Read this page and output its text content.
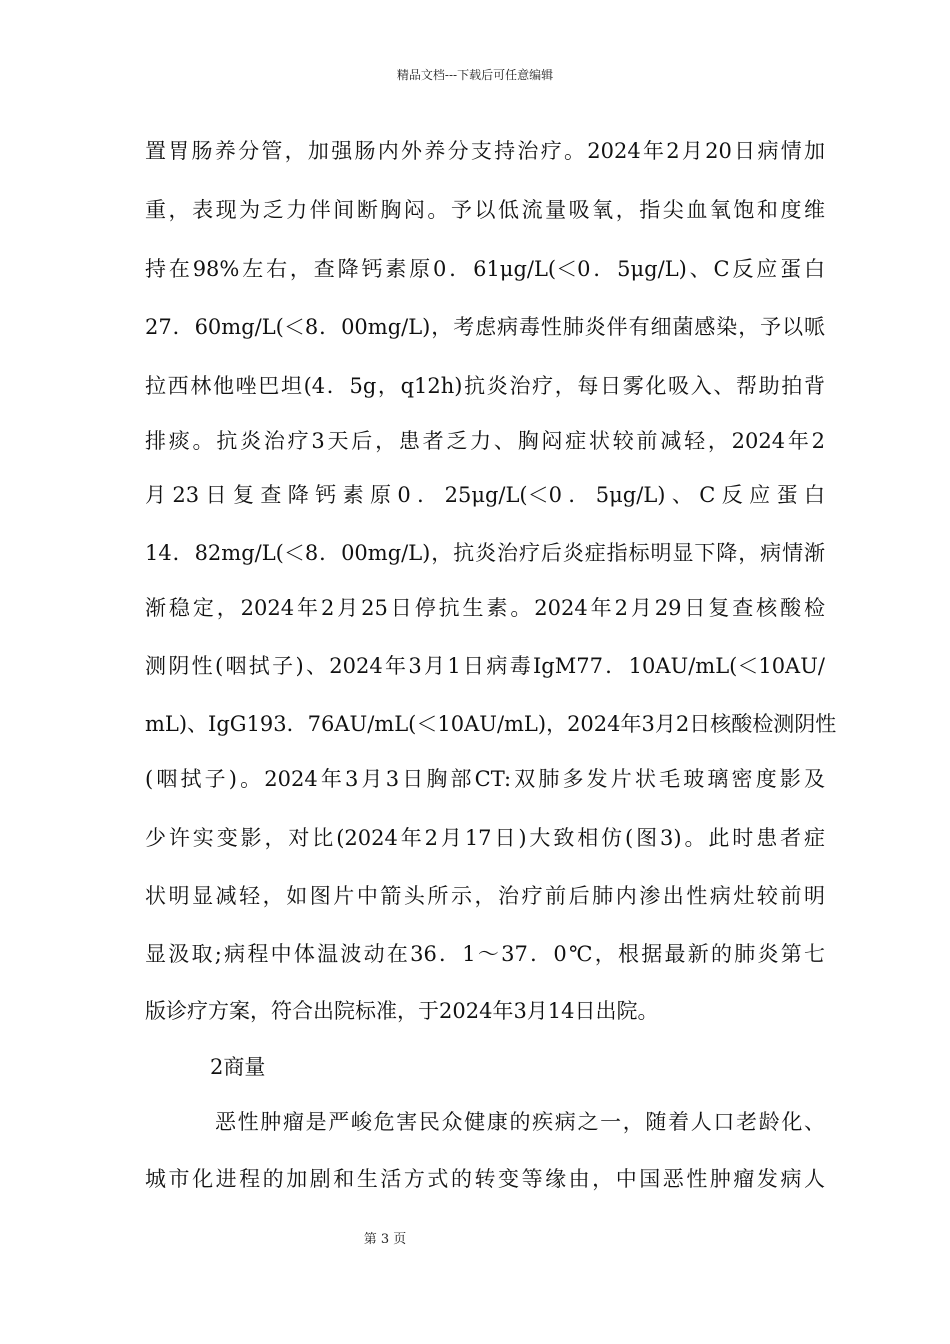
精品文档---下载后可任意编辑
置胃肠养分管，加强肠内外养分支持治疗。2024年2月20日病情加
重，表现为乏力伴间断胸闷。予以低流量吸氧，指尖血氧饱和度维
持在98%左右，查降钙素原0．61μg/L(＜0．5μg/L)、C反应蛋白
27．60mg/L(＜8．00mg/L)，考虑病毒性肺炎伴有细菌感染，予以哌
拉西林他唑巴坦(4．5g，q12h)抗炎治疗，每日雾化吸入、帮助拍背
排痰。抗炎治疗3天后，患者乏力、胸闷症状较前减轻，2024年2
月23日复查降钙素原0．25μg/L(＜0．5μg/L)、C反应蛋白
14．82mg/L(＜8．00mg/L)，抗炎治疗后炎症指标明显下降，病情渐
渐稳定，2024年2月25日停抗生素。2024年2月29日复查核酸检
测阴性(咽拭子)、2024年3月1日病毒IgM77．10AU/mL(＜10AU/
mL)、IgG193．76AU/mL(＜10AU/mL)，2024年3月2日核酸检测阴性
(咽拭子)。2024年3月3日胸部CT:双肺多发片状毛玻璃密度影及
少许实变影，对比(2024年2月17日)大致相仿(图3)。此时患者症
状明显减轻，如图片中箭头所示，治疗前后肺内渗出性病灶较前明
显汲取;病程中体温波动在36．1～37．0℃，根据最新的肺炎第七
版诊疗方案，符合出院标准，于2024年3月14日出院。
2商量
恶性肿瘤是严峻危害民众健康的疾病之一，随着人口老龄化、
城市化进程的加剧和生活方式的转变等缘由，中国恶性肿瘤发病人
第 3 页
